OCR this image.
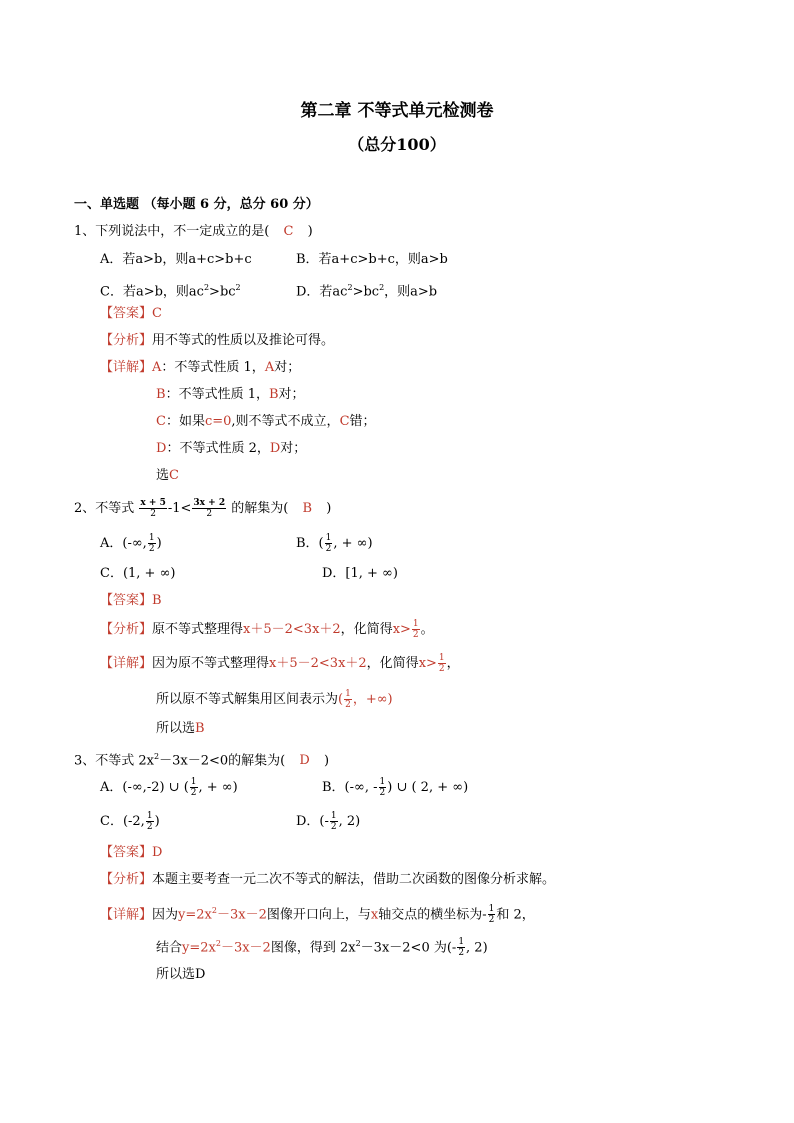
第二章 不等式单元检测卷
（总分100）
一、单选题 （每小题 6 分，总分 60 分）
1、下列说法中，不一定成立的是( C )
A．若a>b，则a+c>b+c	B．若a+c>b+c，则a>b
C．若a>b，则$ac^2>bc^2$	D．若$ac^2>bc^2$，则a>b
【答案】C
【分析】用不等式的性质以及推论可得。
【详解】A：不等式性质 1，A对；
B：不等式性质 1，B对；
C：如果c=0,则不等式不成立，C错；
D：不等式性质 2，D对；
选C
2、不等式 $\frac{x + 5}{2} -1< \frac{3x + 2}{2}$ 的解集为( B )
A．(-∞, $\frac{1}{2}$ )	B．( $\frac{1}{2}$ , + ∞)
C．(1, + ∞)	D．[1, + ∞)
【答案】B
【分析】原不等式整理得x＋5－2<3x＋2，化简得$x> \frac{1}{2}$ 。
【详解】因为原不等式整理得x＋5－2<3x＋2，化简得$x> \frac{1}{2}$ ，
所以原不等式解集用区间表示为( $\frac{1}{2}$ ，+∞)
所以选B
3、不等式 $2x^2-3x-2<0$的解集为( D )
A．(-∞,-2) ∪ ( $\frac{1}{2}$ , + ∞)	B．(-∞, - $\frac{1}{2}$ ) ∪ ( 2, + ∞)
C．(-2, $\frac{1}{2}$ )	D．(- $\frac{1}{2}$ , 2)
【答案】D
【分析】本题主要考查一元二次不等式的解法，借助二次函数的图像分析求解。
【详解】因为$y=2x^2-3x-2$图像开口向上，与x轴交点的横坐标为- $\frac{1}{2}$ 和 2，
结合$y=2x^2-3x-2$图像，得到 $2x^2-3x-2<0$ 为(- $\frac{1}{2}$ , 2)
所以选D
